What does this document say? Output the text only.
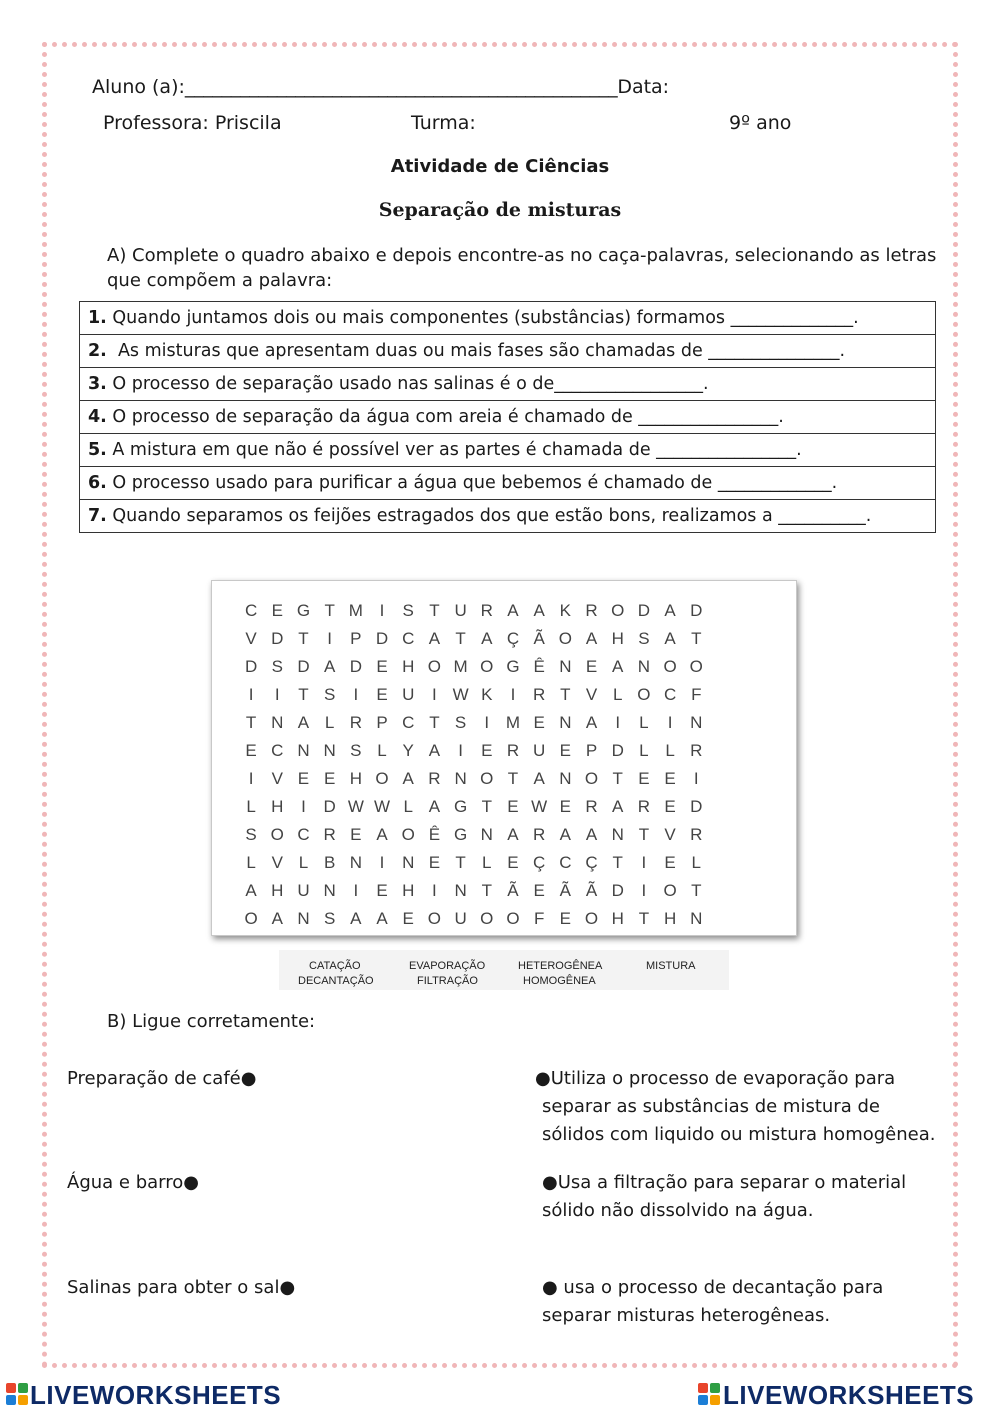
Aluno (a):_______________________________________________Data:
Professora: Priscila	Turma:	9º ano
Atividade de Ciências
Separação de misturas
A) Complete o quadro abaixo e depois encontre-as no caça-palavras, selecionando as letras
que compõem a palavra:
1. Quando juntamos dois ou mais componentes (substâncias) formamos ______________.
2.  As misturas que apresentam duas ou mais fases são chamadas de _______________.
3. O processo de separação usado nas salinas é o de_________________.
4. O processo de separação da água com areia é chamado de ________________.
5. A mistura em que não é possível ver as partes é chamada de ________________.
6. O processo usado para purificar a água que bebemos é chamado de _____________.
7. Quando separamos os feijões estragados dos que estão bons, realizamos a __________.
C E G T M I	S T U R A A K R O D A D
V D T	I	P D C A T A Ç Ã O A H S A T
D S D A D E H O M O G Ê N E A N O O
I	I	T S	I	E U	I W K	I	R T V L O C F
T N A L R P C T S	I M E N A	I	L	I	N
E C N N S L Y A	I	E R U E P D L L R
I	V E E H O A R N O T A N O T E E	I
L H	I	D W W L A G T E W E R A R E D
S O C R E A O Ê G N A R A A N T V R
L V L B N	I	N E T L E Ç C Ç T	I	E L
A H U N	I	E H	I	N T Ã E Ã Ã D	I	O T
O A N S A A E O U O O F E O H T H N
CATAÇÃO
DECANTAÇÃO
EVAPORAÇÃO
FILTRAÇÃO
HETEROGÊNEA
HOMOGÊNEA
MISTURA
B) Ligue corretamente:
Preparação de café●
Água e barro●
Salinas para obter o sal●
●Utiliza o processo de evaporação para
separar as substâncias de mistura de
sólidos com liquido ou mistura homogênea.
●Usa a filtração para separar o material
sólido não dissolvido na água.
● usa o processo de decantação para
separar misturas heterogêneas.
LIVEWORKSHEETS	LIVEWORKSHEETS
